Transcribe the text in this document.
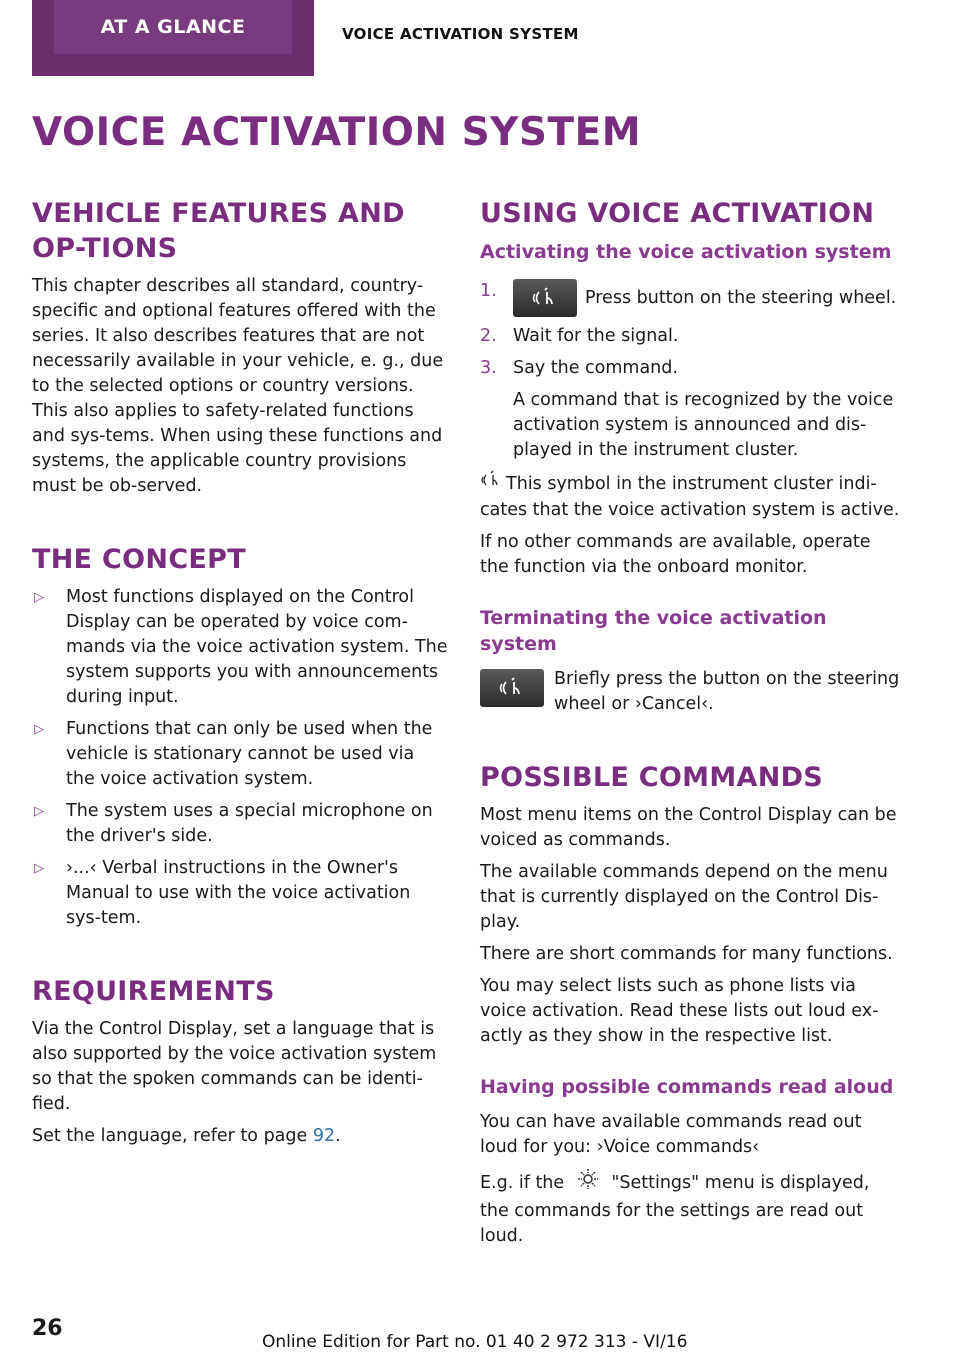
AT A GLANCE	VOICE ACTIVATION SYSTEM
VOICE ACTIVATION SYSTEM
VEHICLE FEATURES AND OP-TIONS

This chapter describes all standard, country-specific and optional features offered with the series. It also describes features that are not necessarily available in your vehicle, e. g., due to the selected options or country versions. This also applies to safety-related functions and sys-tems. When using these functions and systems, the applicable country provisions must be ob-served.

THE CONCEPT
▷ Most functions displayed on the Control Display can be operated by voice com-mands via the voice activation system. The system supports you with announcements during input.
▷ Functions that can only be used when the vehicle is stationary cannot be used via the voice activation system.
▷ The system uses a special microphone on the driver's side.
▷ ›...‹ Verbal instructions in the Owner's Manual to use with the voice activation sys-tem.
REQUIREMENTS

Via the Control Display, set a language that is also supported by the voice activation system so that the spoken commands can be identi-fied.

Set the language, refer to page 92.

USING VOICE ACTIVATION
Activating the voice activation system
1.	Press button on the steering wheel.
2. Wait for the signal.
3. Say the command.

A command that is recognized by the voice activation system is announced and dis-played in the instrument cluster.

This symbol in the instrument cluster indi-cates that the voice activation system is active.

If no other commands are available, operate the function via the onboard monitor.

Terminating the voice activation system

Briefly press the button on the steering wheel or ›Cancel‹.

POSSIBLE COMMANDS

Most menu items on the Control Display can be voiced as commands.

The available commands depend on the menu that is currently displayed on the Control Dis-play.

There are short commands for many functions.

You may select lists such as phone lists via voice activation. Read these lists out loud ex-actly as they show in the respective list.

Having possible commands read aloud

You can have available commands read out loud for you: ›Voice commands‹

E.g. if the	"Settings" menu is displayed, the commands for the settings are read out loud.

26
Online Edition for Part no. 01 40 2 972 313 - VI/16
